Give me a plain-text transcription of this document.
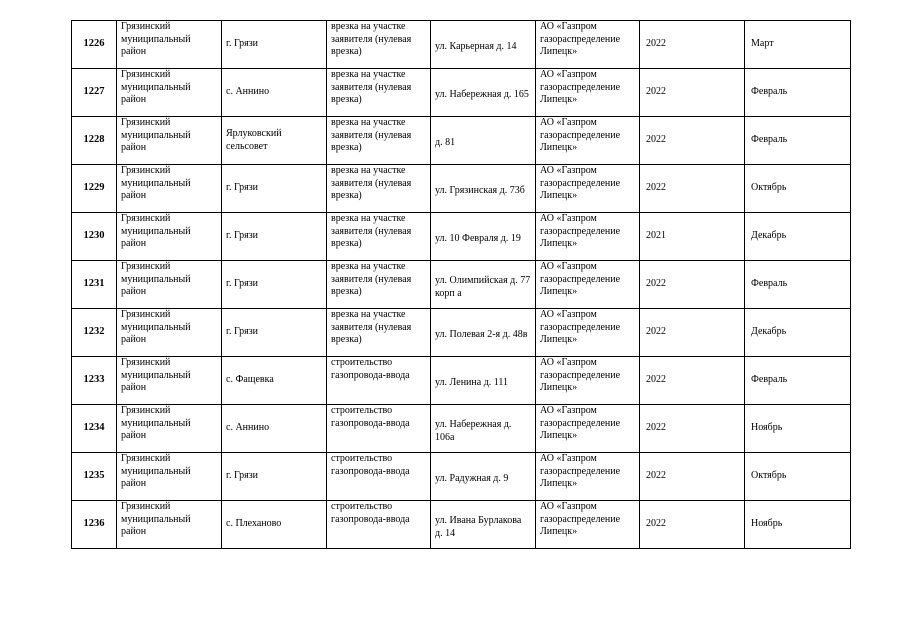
1226	Грязинский муниципальный район	г. Грязи	врезка на участке заявителя (нулевая врезка)	ул. Карьерная д. 14	АО «Газпром газораспределение Липецк»	2022	Март
1227	Грязинский муниципальный район	с. Аннино	врезка на участке заявителя (нулевая врезка)	ул. Набережная д. 165	АО «Газпром газораспределение Липецк»	2022	Февраль
1228	Грязинский муниципальный район	Ярлуковский сельсовет	врезка на участке заявителя (нулевая врезка)	д. 81	АО «Газпром газораспределение Липецк»	2022	Февраль
1229	Грязинский муниципальный район	г. Грязи	врезка на участке заявителя (нулевая врезка)	ул. Грязинская д. 73б	АО «Газпром газораспределение Липецк»	2022	Октябрь
1230	Грязинский муниципальный район	г. Грязи	врезка на участке заявителя (нулевая врезка)	ул. 10 Февраля д. 19	АО «Газпром газораспределение Липецк»	2021	Декабрь
1231	Грязинский муниципальный район	г. Грязи	врезка на участке заявителя (нулевая врезка)	ул. Олимпийская д. 77 корп а	АО «Газпром газораспределение Липецк»	2022	Февраль
1232	Грязинский муниципальный район	г. Грязи	врезка на участке заявителя (нулевая врезка)	ул. Полевая 2-я д. 48в	АО «Газпром газораспределение Липецк»	2022	Декабрь
1233	Грязинский муниципальный район	с. Фащевка	строительство газопровода-ввода	ул. Ленина д. 111	АО «Газпром газораспределение Липецк»	2022	Февраль
1234	Грязинский муниципальный район	с. Аннино	строительство газопровода-ввода	ул. Набережная д. 106а	АО «Газпром газораспределение Липецк»	2022	Ноябрь
1235	Грязинский муниципальный район	г. Грязи	строительство газопровода-ввода	ул. Радужная д. 9	АО «Газпром газораспределение Липецк»	2022	Октябрь
1236	Грязинский муниципальный район	с. Плеханово	строительство газопровода-ввода	ул. Ивана Бурлакова д. 14	АО «Газпром газораспределение Липецк»	2022	Ноябрь
